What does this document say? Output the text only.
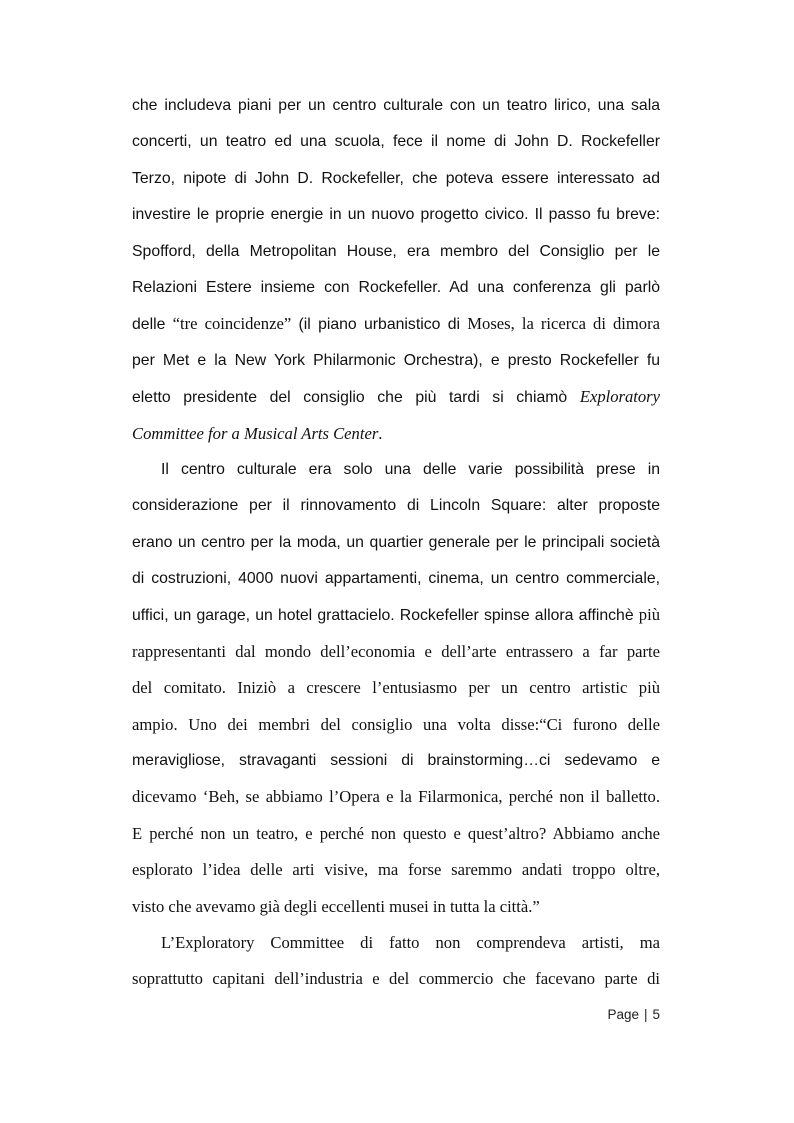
che includeva piani per un centro culturale con un teatro lirico, una sala
concerti, un teatro ed una scuola, fece il nome di John D. Rockefeller
Terzo, nipote di John D. Rockefeller, che poteva essere interessato ad
investire le proprie energie in un nuovo progetto civico. Il passo fu breve:
Spofford, della Metropolitan House, era membro del Consiglio per le
Relazioni Estere insieme con Rockefeller. Ad una conferenza gli parlò
delle “tre coincidenze” (il piano urbanistico di Moses, la ricerca di dimora
per Met e la New York Philarmonic Orchestra), e presto Rockefeller fu
eletto presidente del consiglio che più tardi si chiamò Exploratory
Committee for a Musical Arts Center.
Il centro culturale era solo una delle varie possibilità prese in
considerazione per il rinnovamento di Lincoln Square: alter proposte
erano un centro per la moda, un quartier generale per le principali società
di costruzioni, 4000 nuovi appartamenti, cinema, un centro commerciale,
uffici, un garage, un hotel grattacielo. Rockefeller spinse allora affinchè più
rappresentanti dal mondo dell’economia e dell’arte entrassero a far parte
del comitato. Iniziò a crescere l’entusiasmo per un centro artistic più
ampio. Uno dei membri del consiglio una volta disse:“Ci furono delle
meravigliose, stravaganti sessioni di brainstorming…ci sedevamo e
dicevamo ‘Beh, se abbiamo l’Opera e la Filarmonica, perché non il balletto.
E perché non un teatro, e perché non questo e quest’altro? Abbiamo anche
esplorato l’idea delle arti visive, ma forse saremmo andati troppo oltre,
visto che avevamo già degli eccellenti musei in tutta la città.”
L’Exploratory Committee di fatto non comprendeva artisti, ma
soprattutto capitani dell’industria e del commercio che facevano parte di
Page | 5
